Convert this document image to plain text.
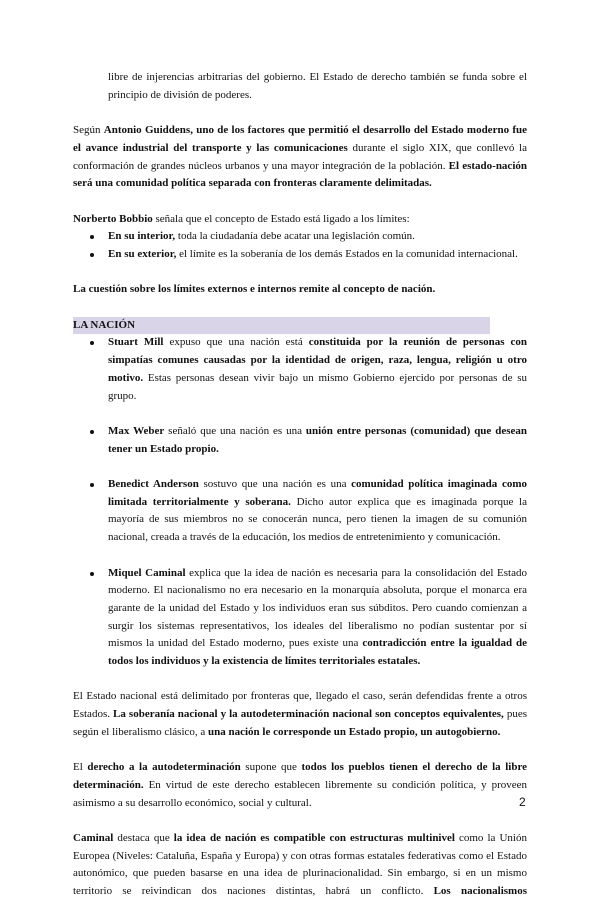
libre de injerencias arbitrarias del gobierno. El Estado de derecho también se funda sobre el principio de división de poderes.

Según Antonio Guiddens, uno de los factores que permitió el desarrollo del Estado moderno fue el avance industrial del transporte y las comunicaciones durante el siglo XIX, que conllevó la conformación de grandes núcleos urbanos y una mayor integración de la población. El estado-nación será una comunidad política separada con fronteras claramente delimitadas.

Norberto Bobbio señala que el concepto de Estado está ligado a los límites:

En su interior, toda la ciudadanía debe acatar una legislación común.
En su exterior, el límite es la soberanía de los demás Estados en la comunidad internacional.

La cuestión sobre los límites externos e internos remite al concepto de nación.

LA NACIÓN
Stuart Mill expuso que una nación está constituida por la reunión de personas con simpatías comunes causadas por la identidad de origen, raza, lengua, religión u otro motivo. Estas personas desean vivir bajo un mismo Gobierno ejercido por personas de su grupo.
Max Weber señaló que una nación es una unión entre personas (comunidad) que desean tener un Estado propio.
Benedict Anderson sostuvo que una nación es una comunidad política imaginada como limitada territorialmente y soberana. Dicho autor explica que es imaginada porque la mayoría de sus miembros no se conocerán nunca, pero tienen la imagen de su comunión nacional, creada a través de la educación, los medios de entretenimiento y comunicación.
Miquel Caminal explica que la idea de nación es necesaria para la consolidación del Estado moderno. El nacionalismo no era necesario en la monarquía absoluta, porque el monarca era garante de la unidad del Estado y los individuos eran sus súbditos. Pero cuando comienzan a surgir los sistemas representativos, los ideales del liberalismo no podían sustentar por sí mismos la unidad del Estado moderno, pues existe una contradicción entre la igualdad de todos los individuos y la existencia de límites territoriales estatales.

El Estado nacional está delimitado por fronteras que, llegado el caso, serán defendidas frente a otros Estados. La soberanía nacional y la autodeterminación nacional son conceptos equivalentes, pues según el liberalismo clásico, a una nación le corresponde un Estado propio, un autogobierno.

El derecho a la autodeterminación supone que todos los pueblos tienen el derecho de la libre determinación. En virtud de este derecho establecen libremente su condición política, y proveen asimismo a su desarrollo económico, social y cultural.

Caminal destaca que la idea de nación es compatible con estructuras multinivel como la Unión Europea (Niveles: Cataluña, España y Europa) y con otras formas estatales federativas como el Estado autonómico, que pueden basarse en una idea de plurinacionalidad. Sin embargo, si en un mismo territorio se reivindican dos naciones distintas, habrá un conflicto. Los nacionalismos

2
